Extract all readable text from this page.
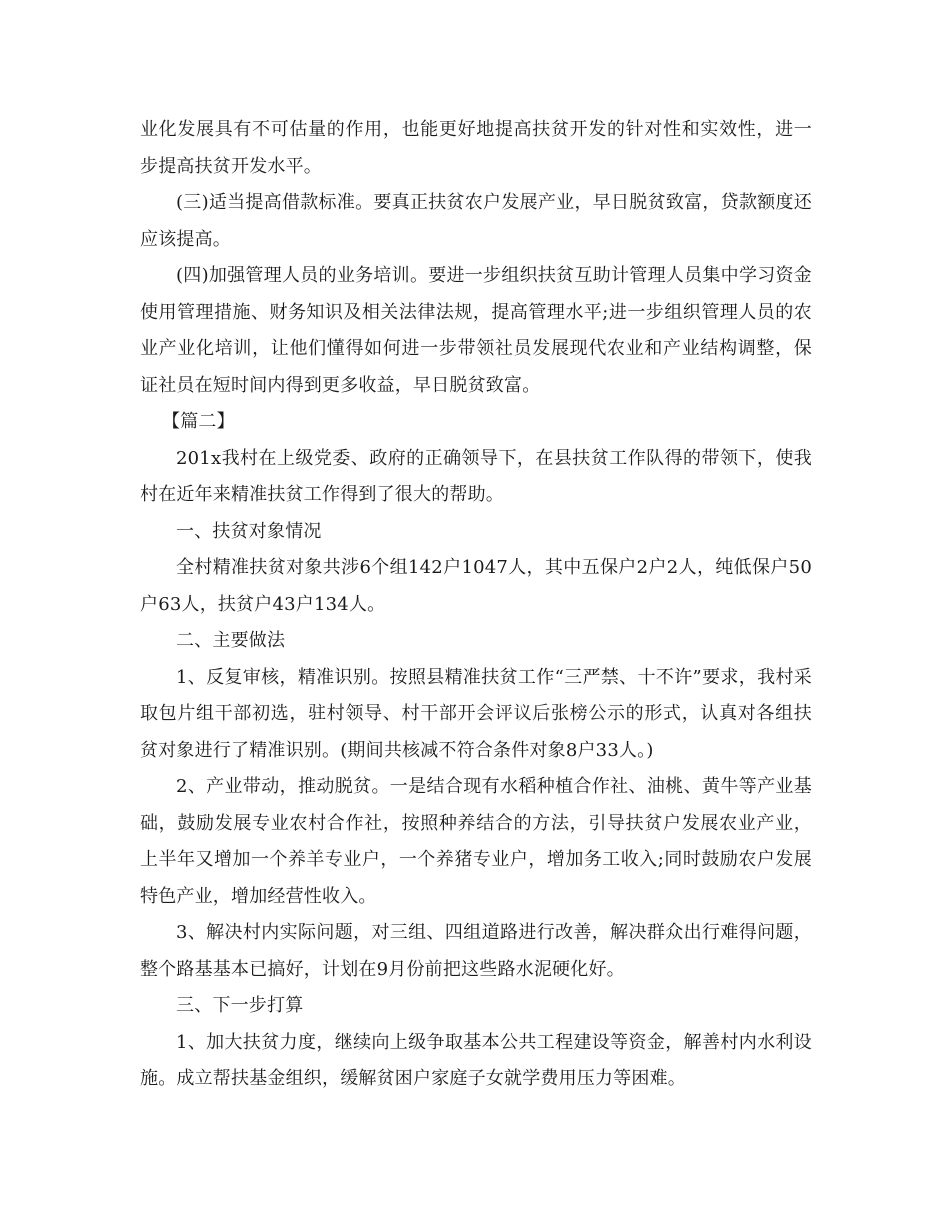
业化发展具有不可估量的作用，也能更好地提高扶贫开发的针对性和实效性，进一步提高扶贫开发水平。

(三)适当提高借款标准。要真正扶贫农户发展产业，早日脱贫致富，贷款额度还应该提高。

(四)加强管理人员的业务培训。要进一步组织扶贫互助计管理人员集中学习资金使用管理措施、财务知识及相关法律法规，提高管理水平;进一步组织管理人员的农业产业化培训，让他们懂得如何进一步带领社员发展现代农业和产业结构调整，保证社员在短时间内得到更多收益，早日脱贫致富。

【篇二】

201x我村在上级党委、政府的正确领导下，在县扶贫工作队得的带领下，使我村在近年来精准扶贫工作得到了很大的帮助。

一、扶贫对象情况

全村精准扶贫对象共涉6个组142户1047人，其中五保户2户2人，纯低保户50户63人，扶贫户43户134人。

二、主要做法

1、反复审核，精准识别。按照县精准扶贫工作“三严禁、十不许”要求，我村采取包片组干部初选，驻村领导、村干部开会评议后张榜公示的形式，认真对各组扶贫对象进行了精准识别。(期间共核减不符合条件对象8户33人。)

2、产业带动，推动脱贫。一是结合现有水稻种植合作社、油桃、黄牛等产业基础，鼓励发展专业农村合作社，按照种养结合的方法，引导扶贫户发展农业产业，上半年又增加一个养羊专业户，一个养猪专业户，增加务工收入;同时鼓励农户发展特色产业，增加经营性收入。

3、解决村内实际问题，对三组、四组道路进行改善，解决群众出行难得问题，整个路基基本已搞好，计划在9月份前把这些路水泥硬化好。

三、下一步打算

1、加大扶贫力度，继续向上级争取基本公共工程建设等资金，解善村内水利设施。成立帮扶基金组织，缓解贫困户家庭子女就学费用压力等困难。
